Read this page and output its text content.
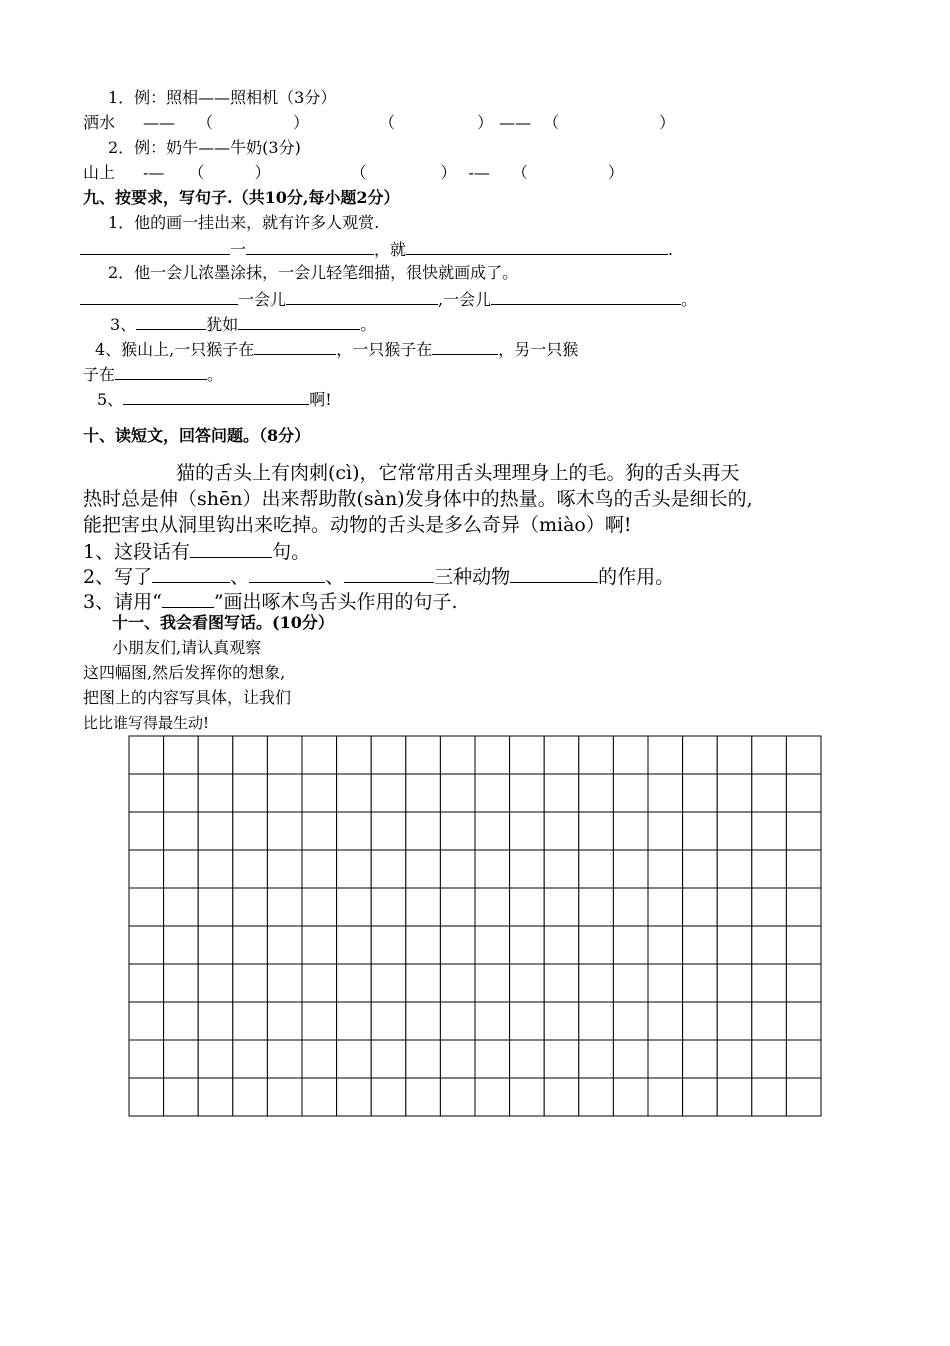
1．例：照相——照相机（3分）
洒水 —— （	）	（	） —— （	）
2．例：奶牛——牛奶(3分)
山上 -— （	）	（	） -— （	）
九、按要求，写句子.（共10分,每小题2分）
1．他的画一挂出来，就有许多人观赏.
一	，就	.
2．他一会儿浓墨涂抹，一会儿轻笔细描，很快就画成了。
一会儿	,一会儿	。
3、	犹如	。
4、猴山上,一只猴子在	，一只猴子在	，另一只猴
子在	。
5、	啊!
十、读短文，回答问题。（8分）
猫的舌头上有肉刺(cì)，它常常用舌头理理身上的毛。狗的舌头再天
热时总是伸（shēn）出来帮助散(sàn)发身体中的热量。啄木鸟的舌头是细长的,
能把害虫从洞里钩出来吃掉。动物的舌头是多么奇异（miào）啊!
1、这段话有	句。
2、写了	、	、	三种动物	的作用。
3、请用“	”画出啄木鸟舌头作用的句子.
十一、我会看图写话。(10分）
小朋友们,请认真观察
这四幅图,然后发挥你的想象,
把图上的内容写具体，让我们
比比谁写得最生动!
